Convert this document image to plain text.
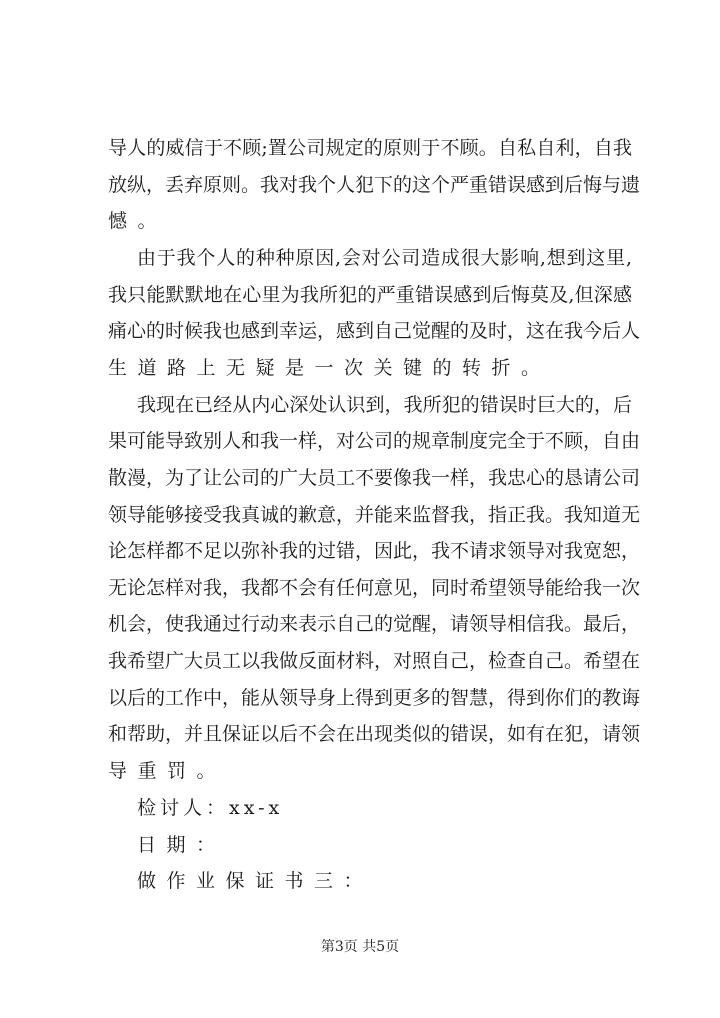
导人的威信于不顾;置公司规定的原则于不顾。自私自利，自我
放纵，丢弃原则。我对我个人犯下的这个严重错误感到后悔与遗
憾。
由于我个人的种种原因,会对公司造成很大影响,想到这里,
我只能默默地在心里为我所犯的严重错误感到后悔莫及,但深感
痛心的时候我也感到幸运，感到自己觉醒的及时，这在我今后人
生道路上无疑是一次关键的转折。
我现在已经从内心深处认识到，我所犯的错误时巨大的，后
果可能导致别人和我一样，对公司的规章制度完全于不顾，自由
散漫，为了让公司的广大员工不要像我一样，我忠心的恳请公司
领导能够接受我真诚的歉意，并能来监督我，指正我。我知道无
论怎样都不足以弥补我的过错，因此，我不请求领导对我宽恕，
无论怎样对我，我都不会有任何意见，同时希望领导能给我一次
机会，使我通过行动来表示自己的觉醒，请领导相信我。最后，
我希望广大员工以我做反面材料，对照自己，检查自己。希望在
以后的工作中，能从领导身上得到更多的智慧，得到你们的教诲
和帮助，并且保证以后不会在出现类似的错误，如有在犯，请领
导重罚。
检讨人：xx-x
日期：
做作业保证书三：
第3页 共5页
